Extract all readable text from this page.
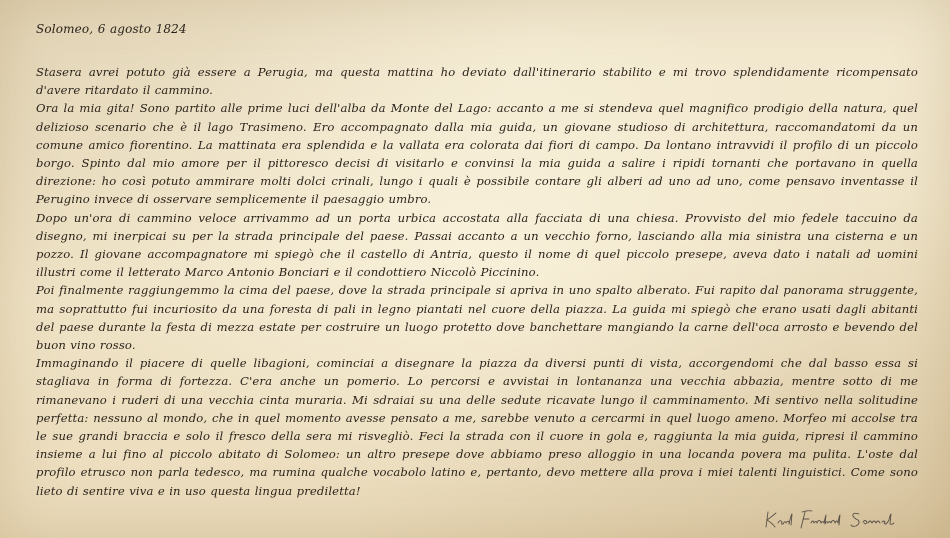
Solomeo, 6 agosto 1824

Stasera avrei potuto già essere a Perugia, ma questa mattina ho deviato dall'itinerario stabilito e mi trovo splendidamente ricompensato d'avere ritardato il cammino.

Ora la mia gita! Sono partito alle prime luci dell'alba da Monte del Lago: accanto a me si stendeva quel magnifico prodigio della natura, quel delizioso scenario che è il lago Trasimeno. Ero accompagnato dalla mia guida, un giovane studioso di architettura, raccomandatomi da un comune amico fiorentino. La mattinata era splendida e la vallata era colorata dai fiori di campo. Da lontano intravvidi il profilo di un piccolo borgo. Spinto dal mio amore per il pittoresco decisi di visitarlo e convinsi la mia guida a salire i ripidi tornanti che portavano in quella direzione: ho così potuto ammirare molti dolci crinali, lungo i quali è possibile contare gli alberi ad uno ad uno, come pensavo inventasse il Perugino invece di osservare semplicemente il paesaggio umbro.

Dopo un'ora di cammino veloce arrivammo ad un porta urbica accostata alla facciata di una chiesa. Provvisto del mio fedele taccuino da disegno, mi inerpicai su per la strada principale del paese. Passai accanto a un vecchio forno, lasciando alla mia sinistra una cisterna e un pozzo. Il giovane accompagnatore mi spiegò che il castello di Antria, questo il nome di quel piccolo presepe, aveva dato i natali ad uomini illustri come il letterato Marco Antonio Bonciari e il condottiero Niccolò Piccinino.

Poi finalmente raggiungemmo la cima del paese, dove la strada principale si apriva in uno spalto alberato. Fui rapito dal panorama struggente, ma soprattutto fui incuriosito da una foresta di pali in legno piantati nel cuore della piazza. La guida mi spiegò che erano usati dagli abitanti del paese durante la festa di mezza estate per costruire un luogo protetto dove banchettare mangiando la carne dell'oca arrosto e bevendo del buon vino rosso.

Immaginando il piacere di quelle libagioni, cominciai a disegnare la piazza da diversi punti di vista, accorgendomi che dal basso essa si stagliava in forma di fortezza. C'era anche un pomerio. Lo percorsi e avvistai in lontananza una vecchia abbazia, mentre sotto di me rimanevano i ruderi di una vecchia cinta muraria. Mi sdraiai su una delle sedute ricavate lungo il camminamento. Mi sentivo nella solitudine perfetta: nessuno al mondo, che in quel momento avesse pensato a me, sarebbe venuto a cercarmi in quel luogo ameno. Morfeo mi accolse tra le sue grandi braccia e solo il fresco della sera mi risvegliò. Feci la strada con il cuore in gola e, raggiunta la mia guida, ripresi il cammino insieme a lui fino al piccolo abitato di Solomeo: un altro presepe dove abbiamo preso alloggio in una locanda povera ma pulita. L'oste dal profilo etrusco non parla tedesco, ma rumina qualche vocabolo latino e, pertanto, devo mettere alla prova i miei talenti linguistici. Come sono lieto di sentire viva e in uso questa lingua prediletta!
